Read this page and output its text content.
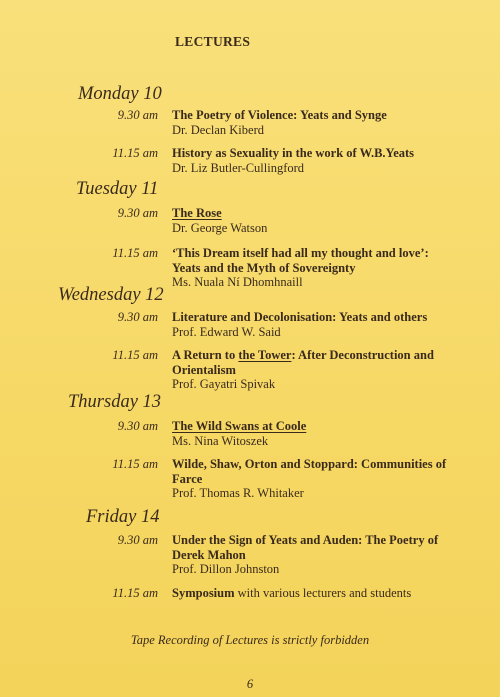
LECTURES
Monday 10
9.30 am The Poetry of Violence: Yeats and Synge
Dr. Declan Kiberd
11.15 am History as Sexuality in the work of W.B.Yeats
Dr. Liz Butler-Cullingford
Tuesday 11
9.30 am The Rose
Dr. George Watson
11.15 am ‘This Dream itself had all my thought and love’:
Yeats and the Myth of Sovereignty
Ms. Nuala Ní Dhomhnaill
Wednesday 12
9.30 am Literature and Decolonisation: Yeats and others
Prof. Edward W. Said
11.15 am A Return to the Tower: After Deconstruction and
Orientalism
Prof. Gayatri Spivak
Thursday 13
9.30 am The Wild Swans at Coole
Ms. Nina Witoszek
11.15 am Wilde, Shaw, Orton and Stoppard: Communities of
Farce
Prof. Thomas R. Whitaker
Friday 14
9.30 am Under the Sign of Yeats and Auden: The Poetry of
Derek Mahon
Prof. Dillon Johnston
11.15 am Symposium with various lecturers and students
Tape Recording of Lectures is strictly forbidden
6
